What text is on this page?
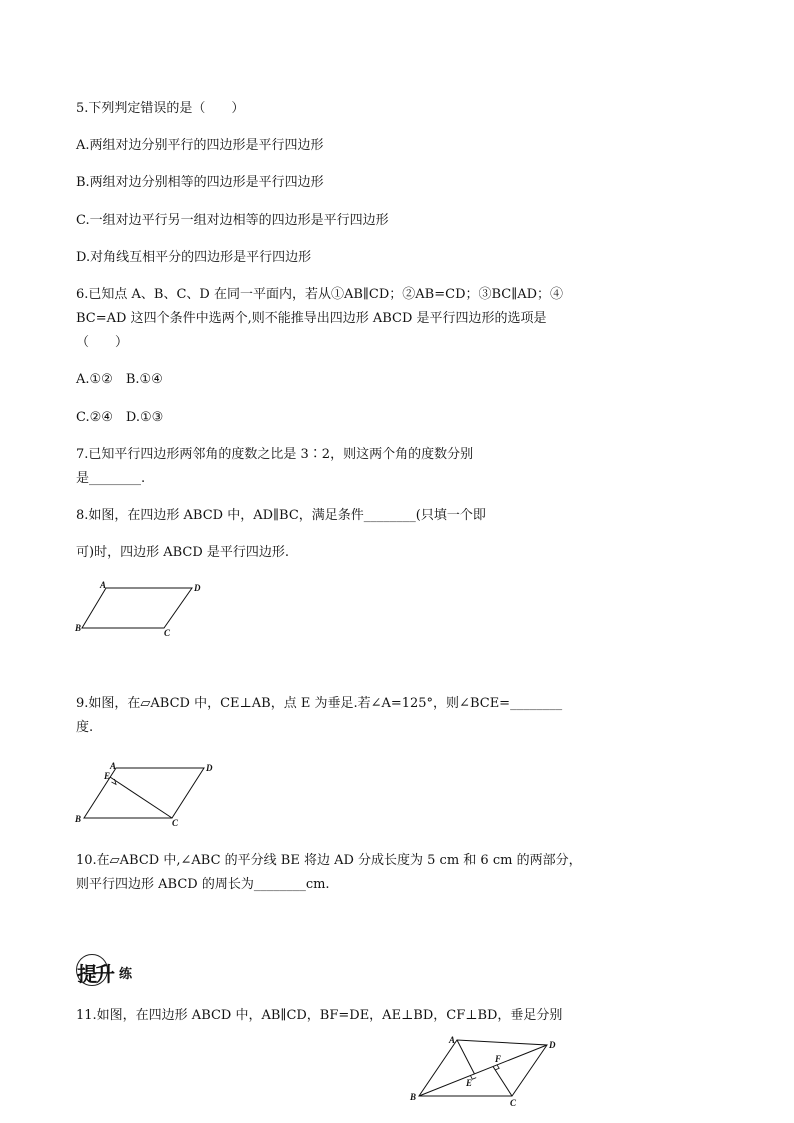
5.下列判定错误的是（　　）
A.两组对边分别平行的四边形是平行四边形
B.两组对边分别相等的四边形是平行四边形
C.一组对边平行另一组对边相等的四边形是平行四边形
D.对角线互相平分的四边形是平行四边形
6.已知点 A、B、C、D 在同一平面内，若从①AB∥CD；②AB=CD；③BC∥AD；④
BC=AD 这四个条件中选两个,则不能推导出四边形 ABCD 是平行四边形的选项是
（　　）
A.①②　B.①④
C.②④　D.①③
7.已知平行四边形两邻角的度数之比是 3∶2，则这两个角的度数分别
是________.
8.如图，在四边形 ABCD 中，AD∥BC，满足条件________(只填一个即
可)时，四边形 ABCD 是平行四边形.
A	D
B	C
9.如图，在▱ABCD 中，CE⊥AB，点 E 为垂足.若∠A=125°，则∠BCE=________
度.
A	D
E
B	C
10.在▱ABCD 中,∠ABC 的平分线 BE 将边 AD 分成长度为 5 cm 和 6 cm 的两部分，
则平行四边形 ABCD 的周长为________cm.
提升 练
11.如图，在四边形 ABCD 中，AB∥CD，BF=DE，AE⊥BD，CF⊥BD，垂足分别
A	D
F
E
B
C
